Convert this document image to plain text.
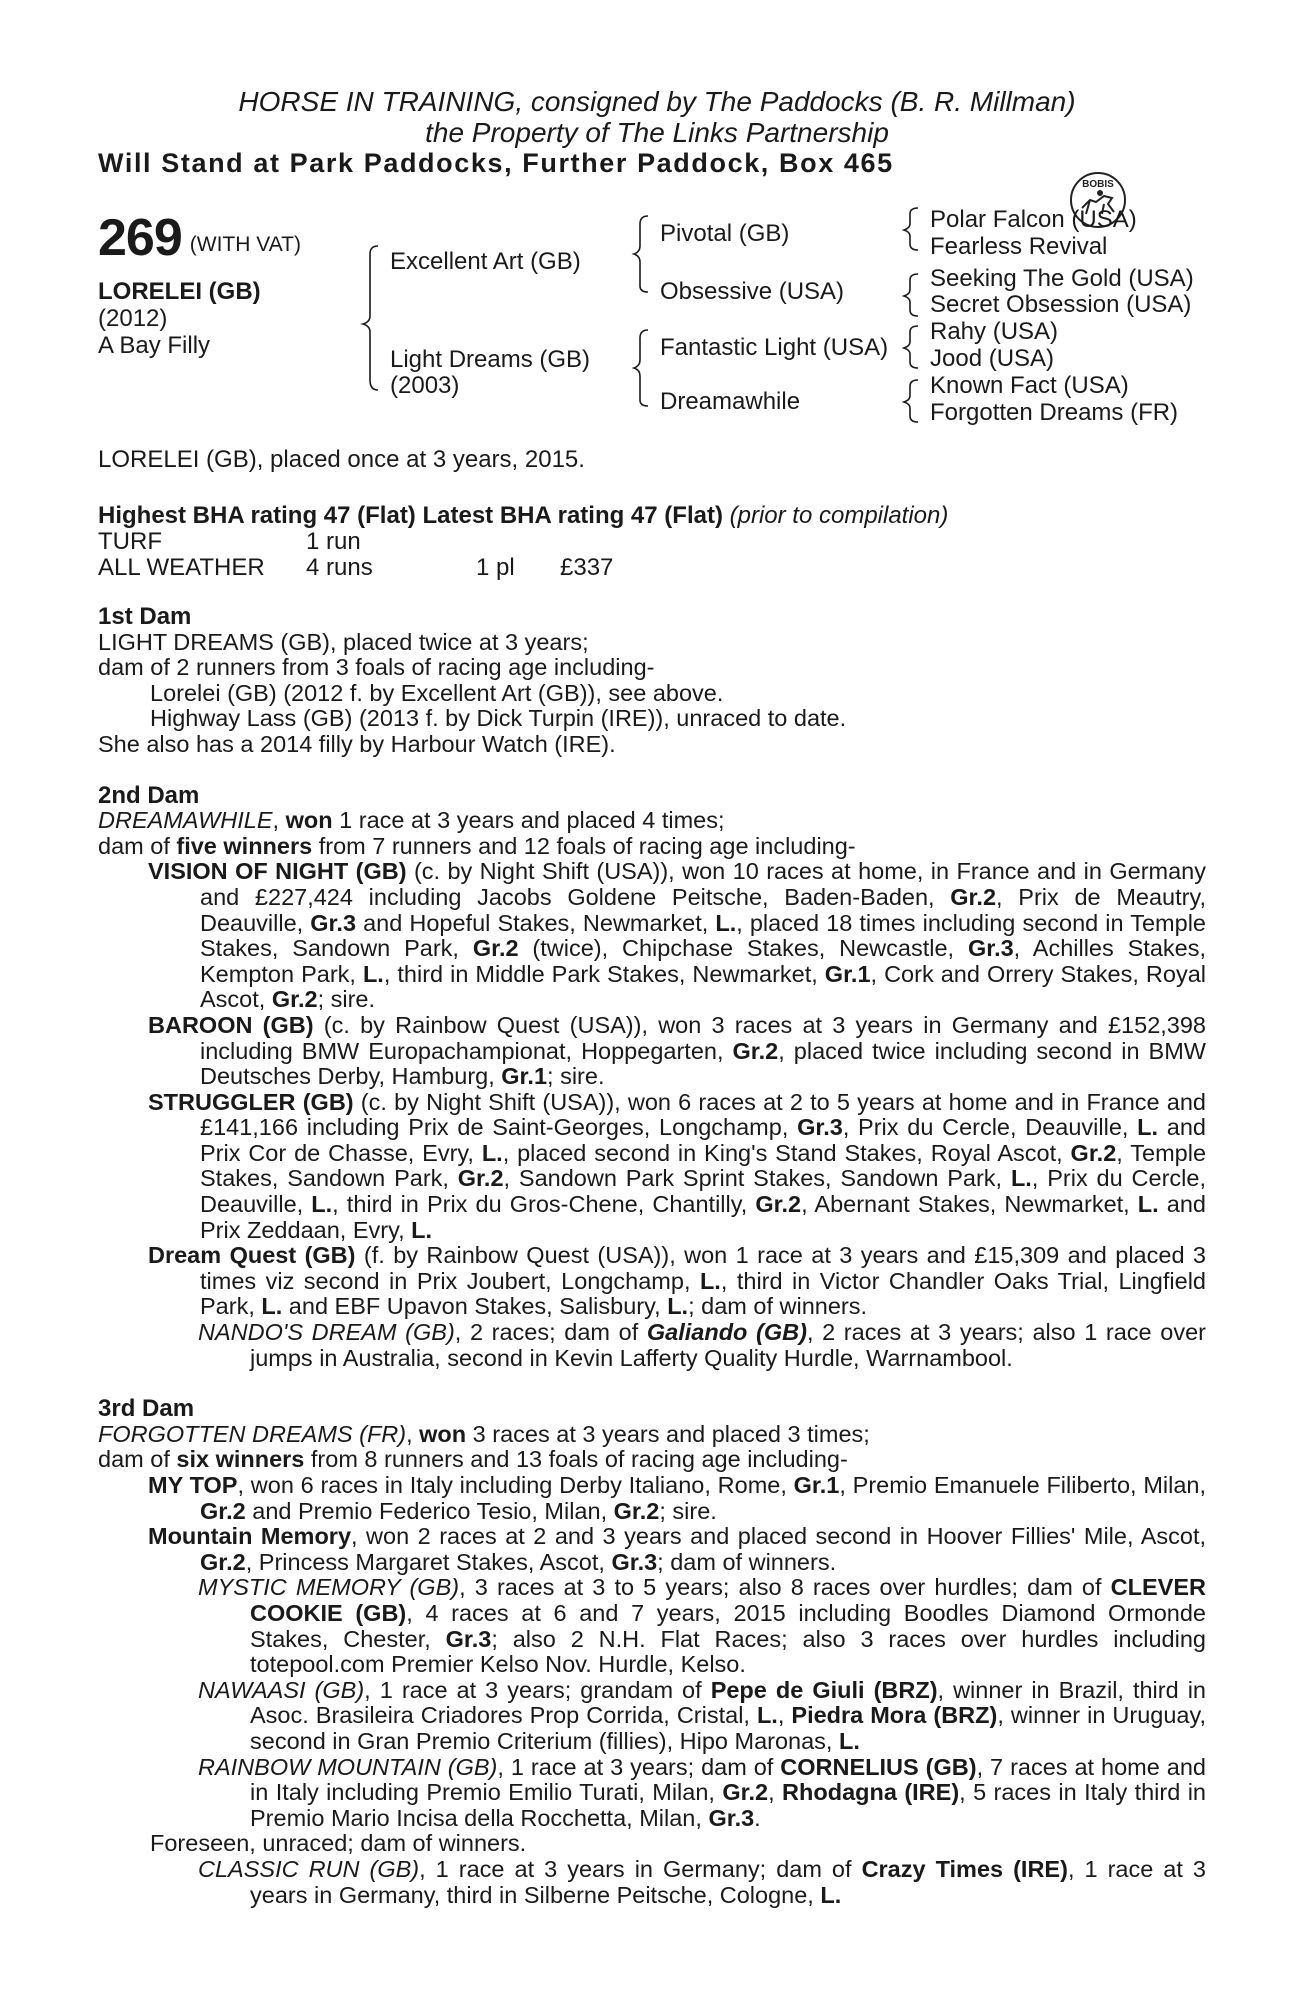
HORSE IN TRAINING, consigned by The Paddocks (B. R. Millman)
the Property of The Links Partnership
Will Stand at Park Paddocks, Further Paddock, Box 465
BOBIS
269 (WITH VAT)
LORELEI (GB)
(2012)
A Bay Filly
Excellent Art (GB)
Light Dreams (GB)
(2003)
Pivotal (GB)
Obsessive (USA)
Fantastic Light (USA)
Dreamawhile
Polar Falcon (USA)
Fearless Revival
Seeking The Gold (USA)
Secret Obsession (USA)
Rahy (USA)
Jood (USA)
Known Fact (USA)
Forgotten Dreams (FR)
LORELEI (GB), placed once at 3 years, 2015.
Highest BHA rating 47 (Flat) Latest BHA rating 47 (Flat) (prior to compilation)
TURF	1 run
ALL WEATHER 4 runs	1 pl £337

1st Dam

LIGHT DREAMS (GB), placed twice at 3 years;

dam of 2 runners from 3 foals of racing age including-

Lorelei (GB) (2012 f. by Excellent Art (GB)), see above.

Highway Lass (GB) (2013 f. by Dick Turpin (IRE)), unraced to date.

She also has a 2014 filly by Harbour Watch (IRE).

2nd Dam

DREAMAWHILE, won 1 race at 3 years and placed 4 times;

dam of five winners from 7 runners and 12 foals of racing age including-

VISION OF NIGHT (GB) (c. by Night Shift (USA)), won 10 races at home, in France and in Germany and £227,424 including Jacobs Goldene Peitsche, Baden-Baden, Gr.2, Prix de Meautry, Deauville, Gr.3 and Hopeful Stakes, Newmarket, L., placed 18 times including second in Temple Stakes, Sandown Park, Gr.2 (twice), Chipchase Stakes, Newcastle, Gr.3, Achilles Stakes, Kempton Park, L., third in Middle Park Stakes, Newmarket, Gr.1, Cork and Orrery Stakes, Royal Ascot, Gr.2; sire.

BAROON (GB) (c. by Rainbow Quest (USA)), won 3 races at 3 years in Germany and £152,398 including BMW Europachampionat, Hoppegarten, Gr.2, placed twice including second in BMW Deutsches Derby, Hamburg, Gr.1; sire.

STRUGGLER (GB) (c. by Night Shift (USA)), won 6 races at 2 to 5 years at home and in France and £141,166 including Prix de Saint-Georges, Longchamp, Gr.3, Prix du Cercle, Deauville, L. and Prix Cor de Chasse, Evry, L., placed second in King's Stand Stakes, Royal Ascot, Gr.2, Temple Stakes, Sandown Park, Gr.2, Sandown Park Sprint Stakes, Sandown Park, L., Prix du Cercle, Deauville, L., third in Prix du Gros-Chene, Chantilly, Gr.2, Abernant Stakes, Newmarket, L. and Prix Zeddaan, Evry, L.

Dream Quest (GB) (f. by Rainbow Quest (USA)), won 1 race at 3 years and £15,309 and placed 3 times viz second in Prix Joubert, Longchamp, L., third in Victor Chandler Oaks Trial, Lingfield Park, L. and EBF Upavon Stakes, Salisbury, L.; dam of winners.

NANDO'S DREAM (GB), 2 races; dam of Galiando (GB), 2 races at 3 years; also 1 race over jumps in Australia, second in Kevin Lafferty Quality Hurdle, Warrnambool.

3rd Dam

FORGOTTEN DREAMS (FR), won 3 races at 3 years and placed 3 times;

dam of six winners from 8 runners and 13 foals of racing age including-

MY TOP, won 6 races in Italy including Derby Italiano, Rome, Gr.1, Premio Emanuele Filiberto, Milan, Gr.2 and Premio Federico Tesio, Milan, Gr.2; sire.

Mountain Memory, won 2 races at 2 and 3 years and placed second in Hoover Fillies' Mile, Ascot, Gr.2, Princess Margaret Stakes, Ascot, Gr.3; dam of winners.

MYSTIC MEMORY (GB), 3 races at 3 to 5 years; also 8 races over hurdles; dam of CLEVER COOKIE (GB), 4 races at 6 and 7 years, 2015 including Boodles Diamond Ormonde Stakes, Chester, Gr.3; also 2 N.H. Flat Races; also 3 races over hurdles including totepool.com Premier Kelso Nov. Hurdle, Kelso.

NAWAASI (GB), 1 race at 3 years; grandam of Pepe de Giuli (BRZ), winner in Brazil, third in Asoc. Brasileira Criadores Prop Corrida, Cristal, L., Piedra Mora (BRZ), winner in Uruguay, second in Gran Premio Criterium (fillies), Hipo Maronas, L.

RAINBOW MOUNTAIN (GB), 1 race at 3 years; dam of CORNELIUS (GB), 7 races at home and in Italy including Premio Emilio Turati, Milan, Gr.2, Rhodagna (IRE), 5 races in Italy third in Premio Mario Incisa della Rocchetta, Milan, Gr.3.

Foreseen, unraced; dam of winners.

CLASSIC RUN (GB), 1 race at 3 years in Germany; dam of Crazy Times (IRE), 1 race at 3 years in Germany, third in Silberne Peitsche, Cologne, L.
